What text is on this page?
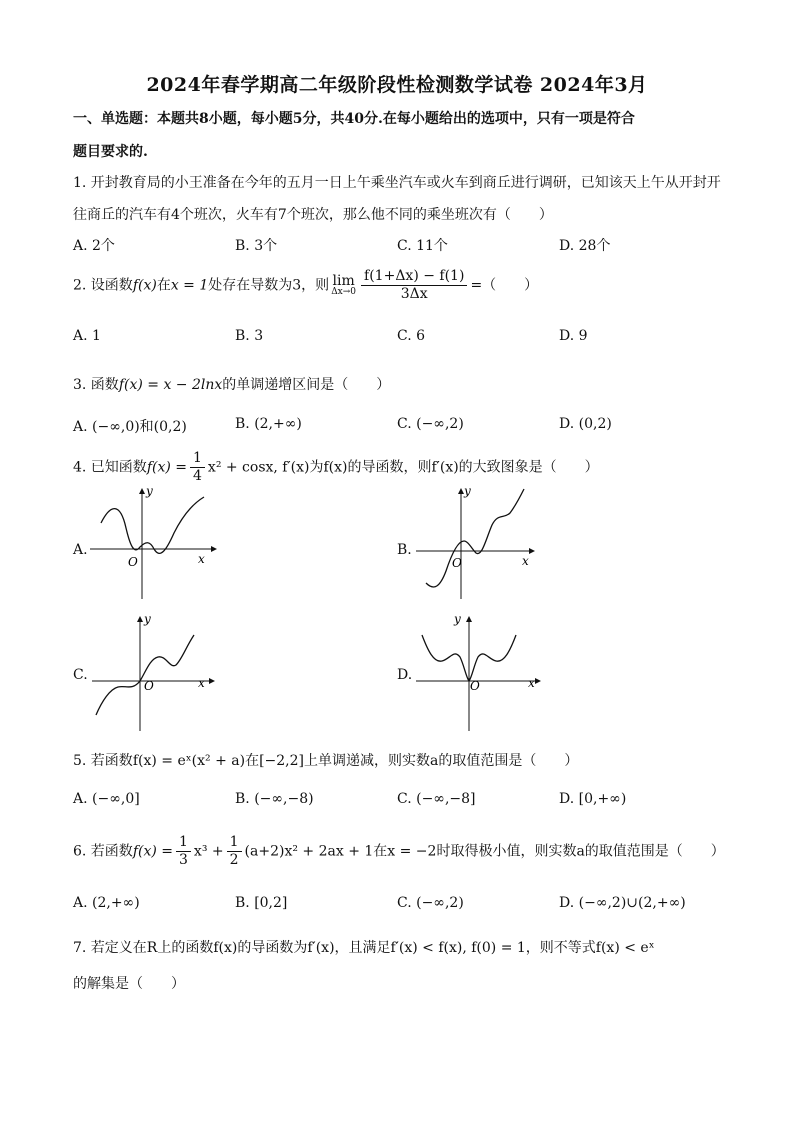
2024年春学期高二年级阶段性检测数学试卷 2024年3月
一、单选题：本题共8小题，每小题5分，共40分.在每小题给出的选项中，只有一项是符合
题目要求的.
1. 开封教育局的小王准备在今年的五月一日上午乘坐汽车或火车到商丘进行调研，已知该天上午从开封开
往商丘的汽车有4个班次，火车有7个班次，那么他不同的乘坐班次有（　　）
A. 2个	B. 3个	C. 11个	D. 28个
2. 设函数f(x)在x = 1处存在导数为3，则 lim
$\Delta x\to 0 \frac{f(1+\Delta x) - f(1)}{3\Delta x}$ =（　　）
A. 1	B. 3	C. 6	D. 9
3. 函数f(x) = x − 2lnx的单调递增区间是（　　）
A. (−∞,0)和(0,2)	B. (2,+∞)	C. (−∞,2)	D. (0,2)
4. 已知函数$f(x) = \frac{1}{4} x^2 + \cos x$, f′(x)为f(x)的导函数，则f′(x)的大致图象是（　　）
A.	B.
C.	D.
y
x
O
y
x
O
y
x
O
y
x
O
5. 若函数f(x) = eˣ(x² + a)在[−2,2]上单调递减，则实数a的取值范围是（　　）
A. (−∞,0]	B. (−∞,−8)	C. (−∞,−8]	D. [0,+∞)
6. 若函数$f(x) = \frac{1}{3} x^3 + \frac{1}{2} (a+2)x^2 + 2ax + 1$在x = −2时取得极小值，则实数a的取值范围是（　　）
A. (2,+∞)	B. [0,2]	C. (−∞,2)	D. (−∞,2)∪(2,+∞)
7. 若定义在R上的函数f(x)的导函数为f′(x)，且满足f′(x) < f(x), f(0) = 1，则不等式f(x) < eˣ
的解集是（　　）
